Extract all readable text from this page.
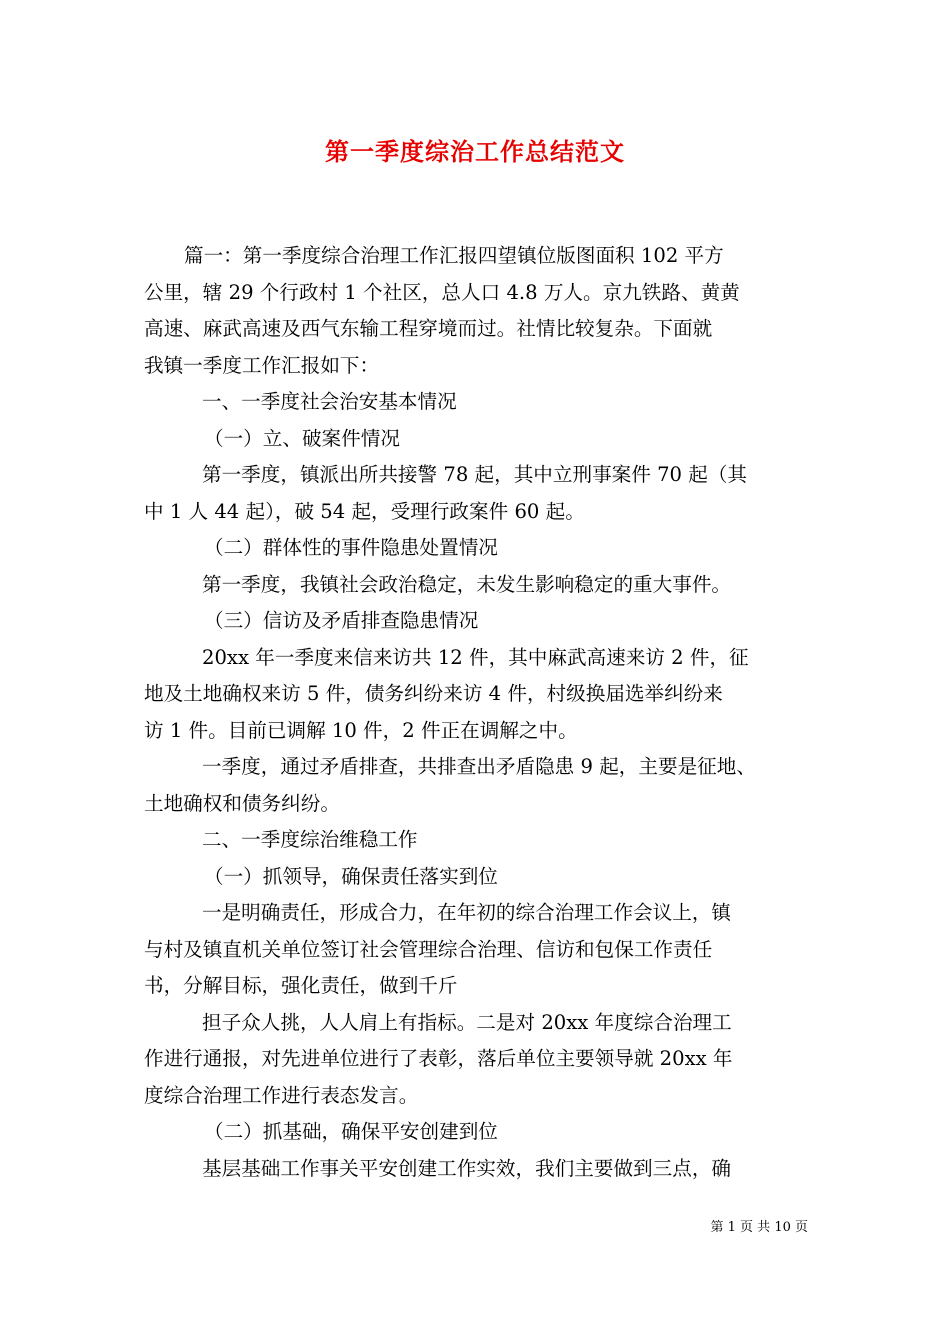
第一季度综治工作总结范文
篇一：第一季度综合治理工作汇报四望镇位版图面积 102 平方
公里，辖 29 个行政村 1 个社区，总人口 4.8 万人。京九铁路、黄黄
高速、麻武高速及西气东输工程穿境而过。社情比较复杂。下面就
我镇一季度工作汇报如下：
一、一季度社会治安基本情况
（一）立、破案件情况
第一季度，镇派出所共接警 78 起，其中立刑事案件 70 起（其
中 1 人 44 起），破 54 起，受理行政案件 60 起。
（二）群体性的事件隐患处置情况
第一季度，我镇社会政治稳定，未发生影响稳定的重大事件。
（三）信访及矛盾排查隐患情况
20xx 年一季度来信来访共 12 件，其中麻武高速来访 2 件，征
地及土地确权来访 5 件，债务纠纷来访 4 件，村级换届选举纠纷来
访 1 件。目前已调解 10 件，2 件正在调解之中。
一季度，通过矛盾排查，共排查出矛盾隐患 9 起，主要是征地、
土地确权和债务纠纷。
二、一季度综治维稳工作
（一）抓领导，确保责任落实到位
一是明确责任，形成合力，在年初的综合治理工作会议上，镇
与村及镇直机关单位签订社会管理综合治理、信访和包保工作责任
书，分解目标，强化责任，做到千斤
担子众人挑，人人肩上有指标。二是对 20xx 年度综合治理工
作进行通报，对先进单位进行了表彰，落后单位主要领导就 20xx 年
度综合治理工作进行表态发言。
（二）抓基础，确保平安创建到位
基层基础工作事关平安创建工作实效，我们主要做到三点，确
第 1 页 共 10 页
